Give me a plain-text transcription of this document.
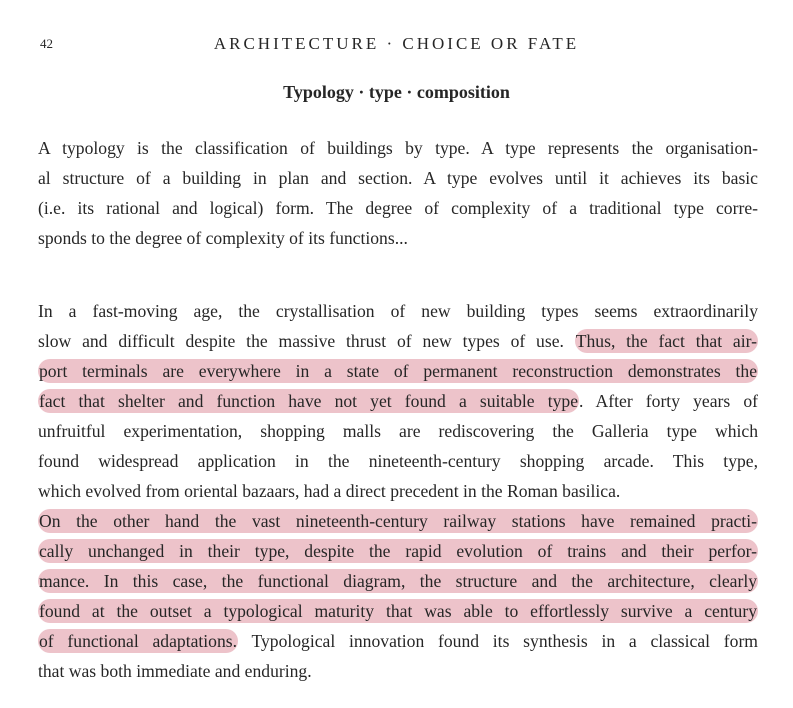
42	ARCHITECTURE · CHOICE OR FATE
Typology · type · composition
A typology is the classification of buildings by type. A type represents the organisation-
al structure of a building in plan and section. A type evolves until it achieves its basic
(i.e. its rational and logical) form. The degree of complexity of a traditional type corre-
sponds to the degree of complexity of its functions...
In a fast-moving age, the crystallisation of new building types seems extraordinarily
slow and difficult despite the massive thrust of new types of use. Thus, the fact that air-
port terminals are everywhere in a state of permanent reconstruction demonstrates the
fact that shelter and function have not yet found a suitable type. After forty years of
unfruitful experimentation, shopping malls are rediscovering the Galleria type which
found widespread application in the nineteenth-century shopping arcade. This type,
which evolved from oriental bazaars, had a direct precedent in the Roman basilica.
On the other hand the vast nineteenth-century railway stations have remained practi-
cally unchanged in their type, despite the rapid evolution of trains and their perfor-
mance. In this case, the functional diagram, the structure and the architecture, clearly
found at the outset a typological maturity that was able to effortlessly survive a century
of functional adaptations. Typological innovation found its synthesis in a classical form
that was both immediate and enduring.
